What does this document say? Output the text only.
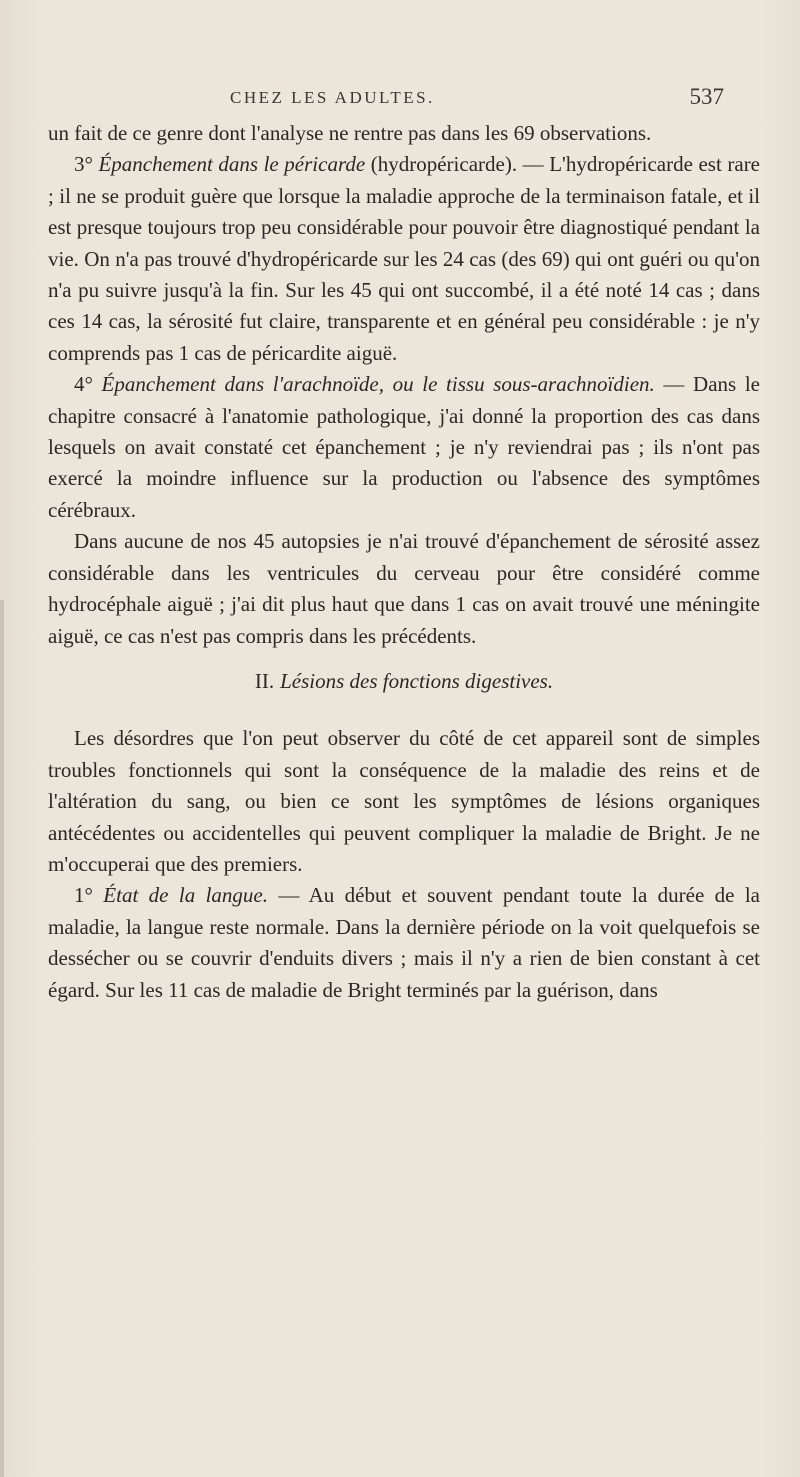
CHEZ LES ADULTES.	537

un fait de ce genre dont l'analyse ne rentre pas dans les 69 observations.

3° Épanchement dans le péricarde (hydropéricarde). — L'hydropéricarde est rare ; il ne se produit guère que lorsque la maladie approche de la terminaison fatale, et il est presque toujours trop peu considérable pour pouvoir être diagnostiqué pendant la vie. On n'a pas trouvé d'hydropéricarde sur les 24 cas (des 69) qui ont guéri ou qu'on n'a pu suivre jusqu'à la fin. Sur les 45 qui ont succombé, il a été noté 14 cas ; dans ces 14 cas, la sérosité fut claire, transparente et en général peu considérable : je n'y comprends pas 1 cas de péricardite aiguë.

4° Épanchement dans l'arachnoïde, ou le tissu sous-arachnoïdien. — Dans le chapitre consacré à l'anatomie pathologique, j'ai donné la proportion des cas dans lesquels on avait constaté cet épanchement ; je n'y reviendrai pas ; ils n'ont pas exercé la moindre influence sur la production ou l'absence des symptômes cérébraux.

Dans aucune de nos 45 autopsies je n'ai trouvé d'épanchement de sérosité assez considérable dans les ventricules du cerveau pour être considéré comme hydrocéphale aiguë ; j'ai dit plus haut que dans 1 cas on avait trouvé une méningite aiguë, ce cas n'est pas compris dans les précédents.

II. Lésions des fonctions digestives.

Les désordres que l'on peut observer du côté de cet appareil sont de simples troubles fonctionnels qui sont la conséquence de la maladie des reins et de l'altération du sang, ou bien ce sont les symptômes de lésions organiques antécédentes ou accidentelles qui peuvent compliquer la maladie de Bright. Je ne m'occuperai que des premiers.

1° État de la langue. — Au début et souvent pendant toute la durée de la maladie, la langue reste normale. Dans la dernière période on la voit quelquefois se dessécher ou se couvrir d'enduits divers ; mais il n'y a rien de bien constant à cet égard. Sur les 11 cas de maladie de Bright terminés par la guérison, dans
